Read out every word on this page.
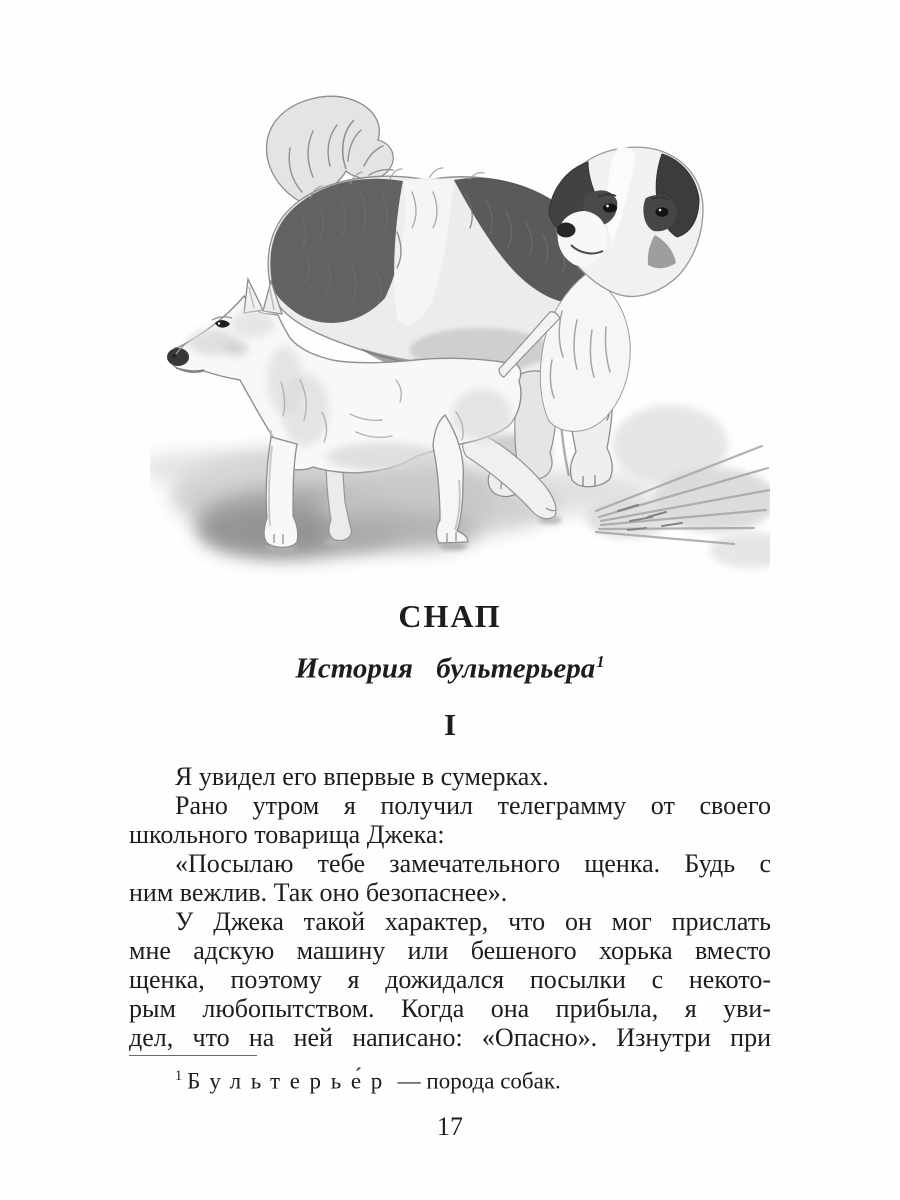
СНАП
История бультерьера$^1$
I

Я увидел его впервые в сумерках.

Рано утром я получил телеграмму от своего

школьного товарища Джека:

«Посылаю тебе замечательного щенка. Будь с

ним вежлив. Так оно безопаснее».

У Джека такой характер, что он мог прислать

мне адскую машину или бешеного хорька вместо

щенка, поэтому я дожидался посылки с некото-

рым любопытством. Когда она прибыла, я уви-

дел, что на ней написано: «Опасно». Изнутри при

$^1$ Бультерье́р — порода собак.

17
